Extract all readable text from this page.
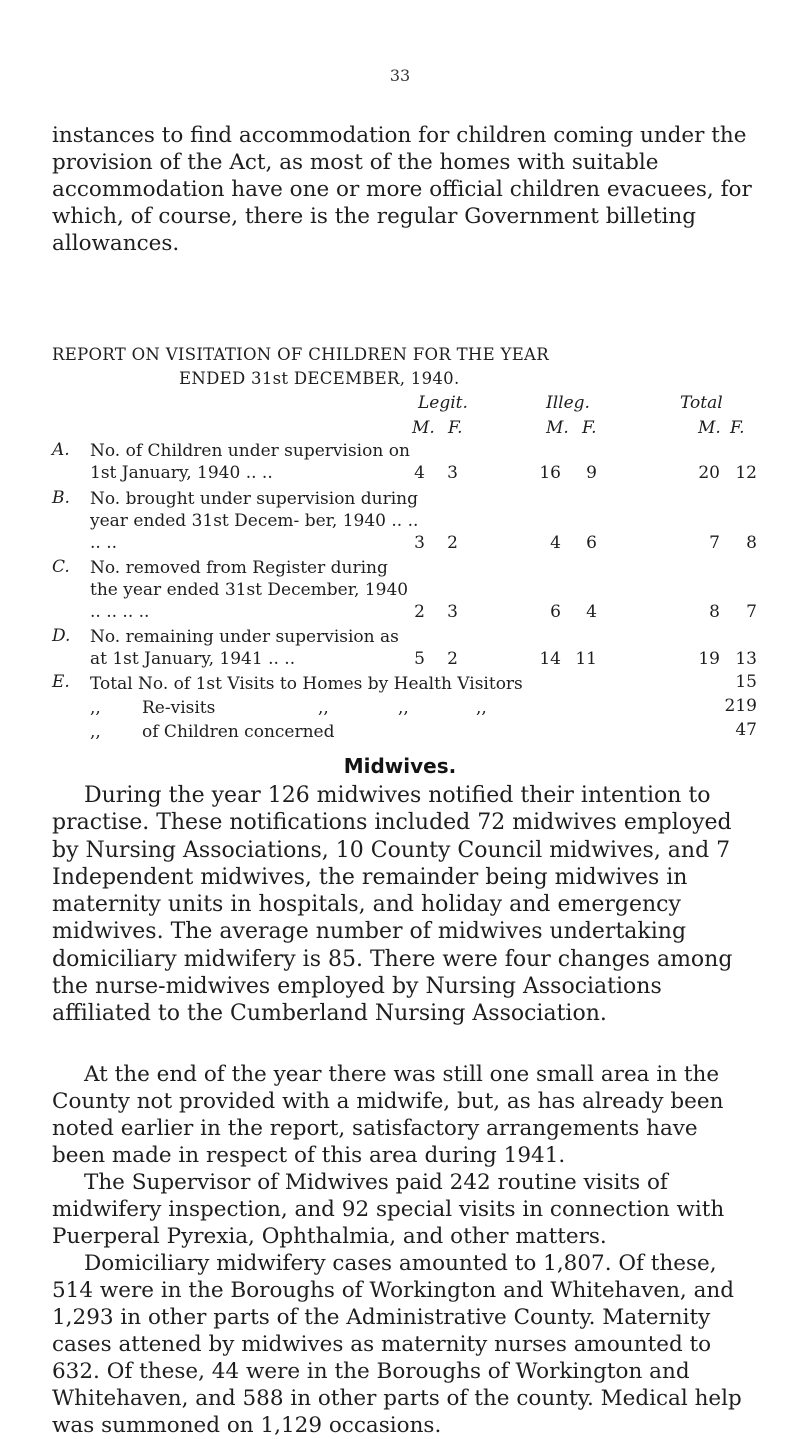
33

instances to find accommodation for children coming under the provision of the Act, as most of the homes with suitable accommodation have one or more official children evacuees, for which, of course, there is the regular Government billeting allowances.

REPORT ON VISITATION OF CHILDREN FOR THE YEAR
ENDED 31st DECEMBER, 1940.
Legit.	Illeg.	Total
M. F.	M. F.	M. F.
A. No. of Children under supervision on 1st January, 1940 .. ..	4	3	16	9	20 12
B. No. brought under supervision during year ended 31st Decem- ber, 1940 .. .. .. ..	3	2	4	6	7	8
C. No. removed from Register during the year ended 31st December, 1940 .. .. .. ..	2	3	6	4	8	7
D. No. remaining under supervision as at 1st January, 1941 .. ..	5	2	14 11	19 13
E. Total No. of 1st Visits to Homes by Health Visitors	15
,, Re-visits	,,	,,	,,	219
,, of Children concerned	47
Midwives.

During the year 126 midwives notified their intention to practise. These notifications included 72 midwives employed by Nursing Associations, 10 County Council midwives, and 7 Independent midwives, the remainder being midwives in maternity units in hospitals, and holiday and emergency midwives. The average number of midwives undertaking domiciliary midwifery is 85. There were four changes among the nurse-midwives employed by Nursing Associations affiliated to the Cumberland Nursing Association.

At the end of the year there was still one small area in the County not provided with a midwife, but, as has already been noted earlier in the report, satisfactory arrangements have been made in respect of this area during 1941.

The Supervisor of Midwives paid 242 routine visits of midwifery inspection, and 92 special visits in connection with Puerperal Pyrexia, Ophthalmia, and other matters.

Domiciliary midwifery cases amounted to 1,807. Of these, 514 were in the Boroughs of Workington and Whitehaven, and 1,293 in other parts of the Administrative County. Maternity cases attened by midwives as maternity nurses amounted to 632. Of these, 44 were in the Boroughs of Workington and Whitehaven, and 588 in other parts of the county. Medical help was summoned on 1,129 occasions.
